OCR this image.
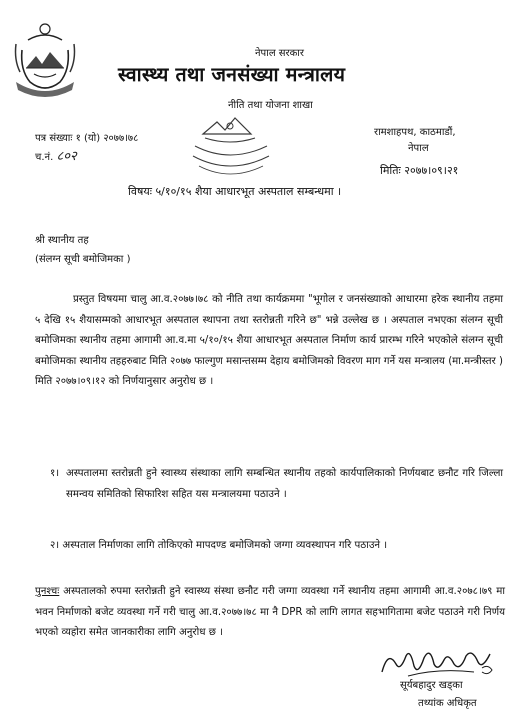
नेपाल सरकार
स्वास्थ्य तथा जनसंख्या मन्त्रालय
नीति तथा योजना शाखा
पत्र संख्याः १ (यो) २०७७।७८
च.नं. ८०२
रामशाहपथ, काठमाडौं,
नेपाल
मितिः २०७७।०९।२१
विषयः ५/१०/१५ शैया आधारभूत अस्पताल सम्बन्धमा ।
श्री स्थानीय तह
(संलग्न सूची बमोजिमका )

प्रस्तुत विषयमा चालु आ.व.२०७७।७८ को नीति तथा कार्यक्रममा "भूगोल र जनसंख्याको आधारमा हरेक स्थानीय तहमा ५ देखि १५ शैयासम्मको आधारभूत अस्पताल स्थापना तथा स्तरोन्नती गरिने छ" भन्ने उल्लेख छ । अस्पताल नभएका संलग्न सूची बमोजिमका स्थानीय तहमा आगामी आ.व.मा ५/१०/१५ शैया आधारभूत अस्पताल निर्माण कार्य प्रारम्भ गरिने भएकोले संलग्न सूची बमोजिमका स्थानीय तहहरुबाट मिति २०७७ फाल्गुण मसान्तसम्म देहाय बमोजिमको विवरण माग गर्ने यस मन्त्रालय (मा.मन्त्रीस्तर ) मिति २०७७।०९।१२ को निर्णयानुसार अनुरोध छ ।

१। अस्पतालमा स्तरोन्नती हुने स्वास्थ्य संस्थाका लागि सम्बन्धित स्थानीय तहको कार्यपालिकाको निर्णयबाट छनौट गरि जिल्ला समन्वय समितिको सिफारिश सहित यस मन्त्रालयमा पठाउने ।
२। अस्पताल निर्माणका लागि तोकिएको मापदण्ड बमोजिमको जग्गा व्यवस्थापन गरि पठाउने ।

पुनश्चः अस्पतालको रुपमा स्तरोन्नती हुने स्वास्थ्य संस्था छनौट गरी जग्गा व्यवस्था गर्ने स्थानीय तहमा आगामी आ.व.२०७८।७९ मा भवन निर्माणको बजेट व्यवस्था गर्ने गरी चालु आ.व.२०७७।७८ मा नै DPR को लागि लागत सहभागितामा बजेट पठाउने गरी निर्णय भएको व्यहोरा समेत जानकारीका लागि अनुरोध छ ।

सूर्यबहादुर खड्का
तथ्यांक अधिकृत
